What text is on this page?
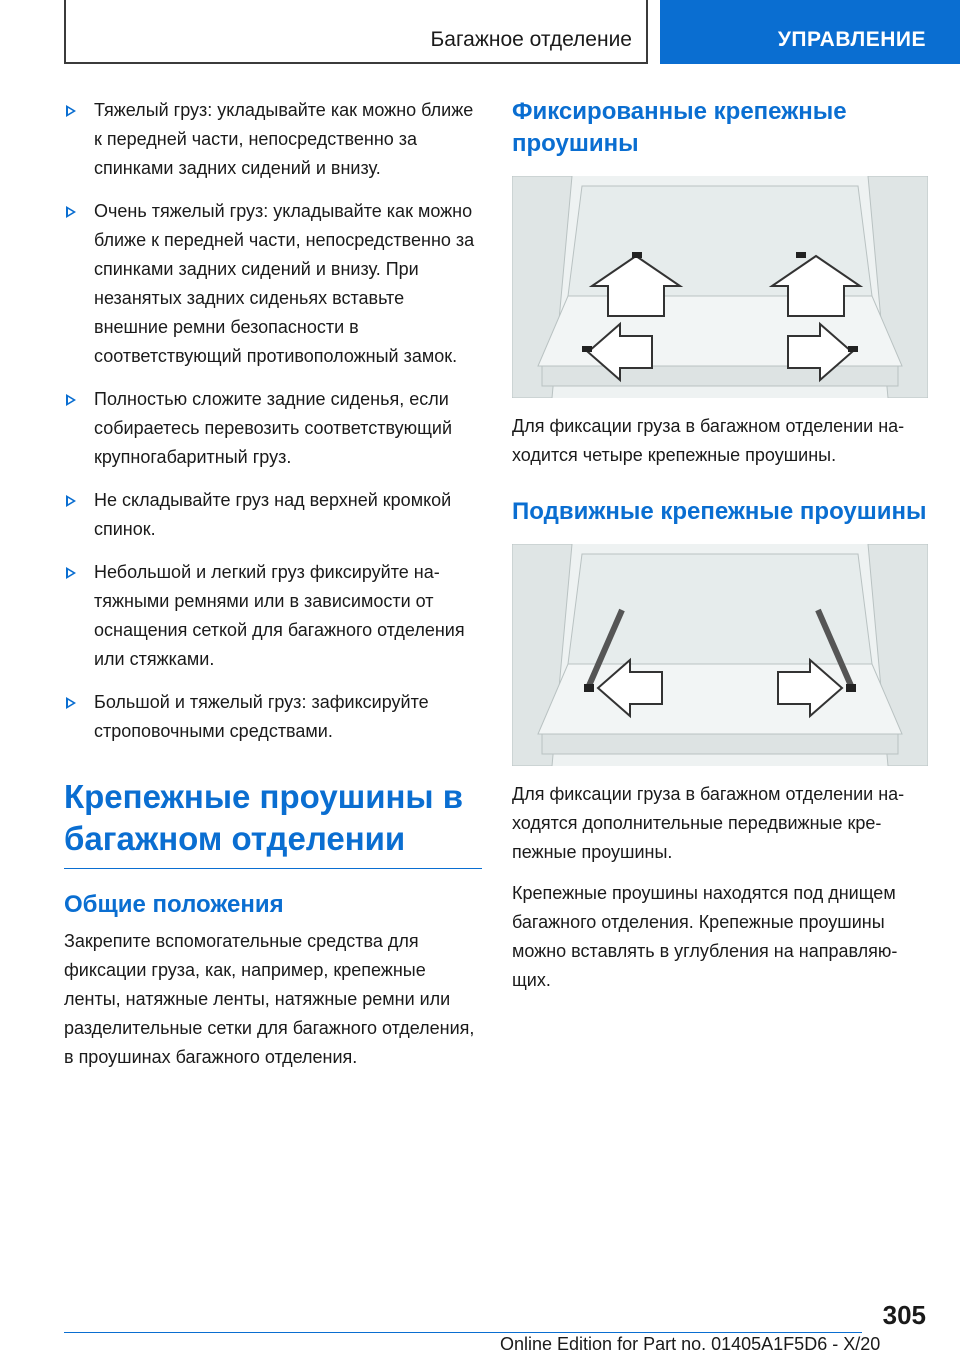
Багажное отделение	УПРАВЛЕНИЕ
Тяжелый груз: укладывайте как можно ближе к передней части, непосредственно за спинками задних сидений и внизу.
Очень тяжелый груз: укладывайте как можно ближе к передней части, непосредственно за спинками задних сидений и внизу. При незанятых задних сиденьях вставьте внешние ремни безопасности в соответствующий противоположный замок.
Полностью сложите задние сиденья, если собираетесь перевозить соответствующий крупногабаритный груз.
Не складывайте груз над верхней кромкой спинок.
Небольшой и легкий груз фиксируйте натяжными ремнями или в зависимости от оснащения сеткой для багажного отделения или стяжками.
Большой и тяжелый груз: зафиксируйте строповочными средствами.
Крепежные проушины в багажном отделении
Общие положения

Закрепите вспомогательные средства для фиксации груза, как, например, крепежные ленты, натяжные ленты, натяжные ремни или разделительные сетки для багажного отделения, в проушинах багажного отделения.

Фиксированные крепежные проушины

Для фиксации груза в багажном отделении находится четыре крепежные проушины.

Подвижные крепежные проушины

Для фиксации груза в багажном отделении находятся дополнительные передвижные крепежные проушины.

Крепежные проушины находятся под днищем багажного отделения. Крепежные проушины можно вставлять в углубления на направляющих.

305
Online Edition for Part no. 01405A1F5D6 - X/20
